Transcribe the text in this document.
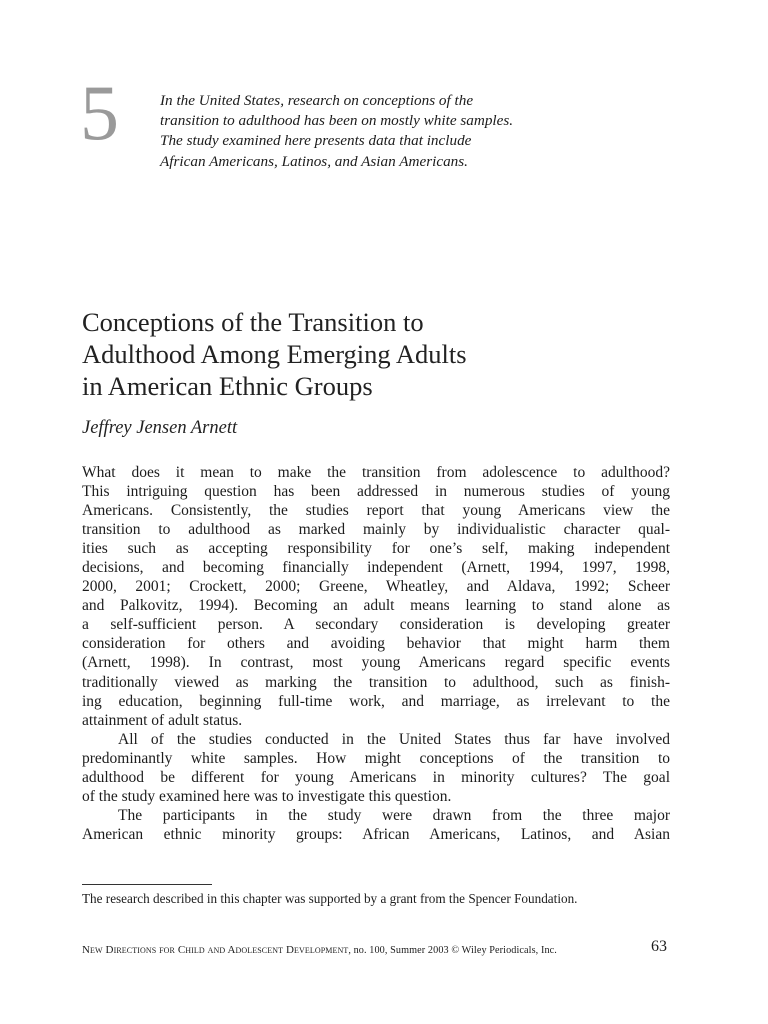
5	In the United States, research on conceptions of the
transition to adulthood has been on mostly white samples.
The study examined here presents data that include
African Americans, Latinos, and Asian Americans.

Conceptions of the Transition to
Adulthood Among Emerging Adults
in American Ethnic Groups

Jeffrey Jensen Arnett

What does it mean to make the transition from adolescence to adulthood?
This intriguing question has been addressed in numerous studies of young
Americans. Consistently, the studies report that young Americans view the
transition to adulthood as marked mainly by individualistic character qual-
ities such as accepting responsibility for one’s self, making independent
decisions, and becoming financially independent (Arnett, 1994, 1997, 1998,
2000, 2001; Crockett, 2000; Greene, Wheatley, and Aldava, 1992; Scheer
and Palkovitz, 1994). Becoming an adult means learning to stand alone as
a self-sufficient person. A secondary consideration is developing greater
consideration for others and avoiding behavior that might harm them
(Arnett, 1998). In contrast, most young Americans regard specific events
traditionally viewed as marking the transition to adulthood, such as finish-
ing education, beginning full-time work, and marriage, as irrelevant to the
attainment of adult status.
All of the studies conducted in the United States thus far have involved
predominantly white samples. How might conceptions of the transition to
adulthood be different for young Americans in minority cultures? The goal
of the study examined here was to investigate this question.
The participants in the study were drawn from the three major
American ethnic minority groups: African Americans, Latinos, and Asian
The research described in this chapter was supported by a grant from the Spencer Foundation.
New Directions for Child and Adolescent Development, no. 100, Summer 2003 © Wiley Periodicals, Inc.	63
